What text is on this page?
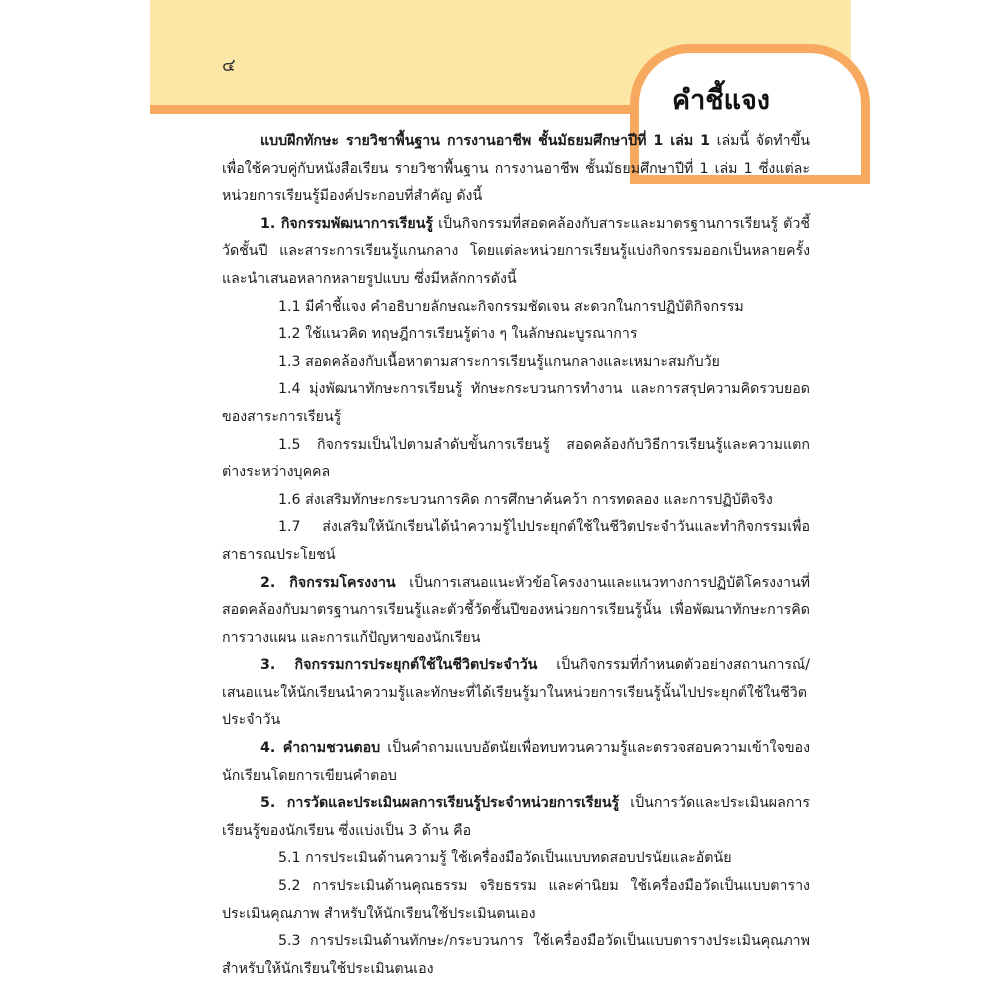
๔
คำชี้แจง

แบบฝึกทักษะ รายวิชาพื้นฐาน การงานอาชีพ ชั้นมัธยมศึกษาปีที่ 1 เล่ม 1 เล่มนี้ จัดทำขึ้นเพื่อใช้ควบคู่กับหนังสือเรียน รายวิชาพื้นฐาน การงานอาชีพ ชั้นมัธยมศึกษาปีที่ 1 เล่ม 1 ซึ่งแต่ละหน่วยการเรียนรู้มีองค์ประกอบที่สำคัญ ดังนี้

1. กิจกรรมพัฒนาการเรียนรู้ เป็นกิจกรรมที่สอดคล้องกับสาระและมาตรฐานการเรียนรู้ ตัวชี้วัดชั้นปี และสาระการเรียนรู้แกนกลาง โดยแต่ละหน่วยการเรียนรู้แบ่งกิจกรรมออกเป็นหลายครั้งและนำเสนอหลากหลายรูปแบบ ซึ่งมีหลักการดังนี้

1.1 มีคำชี้แจง คำอธิบายลักษณะกิจกรรมชัดเจน สะดวกในการปฏิบัติกิจกรรม

1.2 ใช้แนวคิด ทฤษฎีการเรียนรู้ต่าง ๆ ในลักษณะบูรณาการ

1.3 สอดคล้องกับเนื้อหาตามสาระการเรียนรู้แกนกลางและเหมาะสมกับวัย

1.4 มุ่งพัฒนาทักษะการเรียนรู้ ทักษะกระบวนการทำงาน และการสรุปความคิดรวบยอดของสาระการเรียนรู้

1.5 กิจกรรมเป็นไปตามลำดับขั้นการเรียนรู้ สอดคล้องกับวิธีการเรียนรู้และความแตกต่างระหว่างบุคคล

1.6 ส่งเสริมทักษะกระบวนการคิด การศึกษาค้นคว้า การทดลอง และการปฏิบัติจริง

1.7 ส่งเสริมให้นักเรียนได้นำความรู้ไปประยุกต์ใช้ในชีวิตประจำวันและทำกิจกรรมเพื่อสาธารณประโยชน์

2. กิจกรรมโครงงาน เป็นการเสนอแนะหัวข้อโครงงานและแนวทางการปฏิบัติโครงงานที่สอดคล้องกับมาตรฐานการเรียนรู้และตัวชี้วัดชั้นปีของหน่วยการเรียนรู้นั้น เพื่อพัฒนาทักษะการคิด การวางแผน และการแก้ปัญหาของนักเรียน

3. กิจกรรมการประยุกต์ใช้ในชีวิตประจำวัน เป็นกิจกรรมที่กำหนดตัวอย่างสถานการณ์/เสนอแนะให้นักเรียนนำความรู้และทักษะที่ได้เรียนรู้มาในหน่วยการเรียนรู้นั้นไปประยุกต์ใช้ในชีวิตประจำวัน

4. คำถามชวนตอบ เป็นคำถามแบบอัตนัยเพื่อทบทวนความรู้และตรวจสอบความเข้าใจของนักเรียนโดยการเขียนคำตอบ

5. การวัดและประเมินผลการเรียนรู้ประจำหน่วยการเรียนรู้ เป็นการวัดและประเมินผลการเรียนรู้ของนักเรียน ซึ่งแบ่งเป็น 3 ด้าน คือ

5.1 การประเมินด้านความรู้ ใช้เครื่องมือวัดเป็นแบบทดสอบปรนัยและอัตนัย

5.2 การประเมินด้านคุณธรรม จริยธรรม และค่านิยม ใช้เครื่องมือวัดเป็นแบบตารางประเมินคุณภาพ สำหรับให้นักเรียนใช้ประเมินตนเอง

5.3 การประเมินด้านทักษะ/กระบวนการ ใช้เครื่องมือวัดเป็นแบบตารางประเมินคุณภาพสำหรับให้นักเรียนใช้ประเมินตนเอง
